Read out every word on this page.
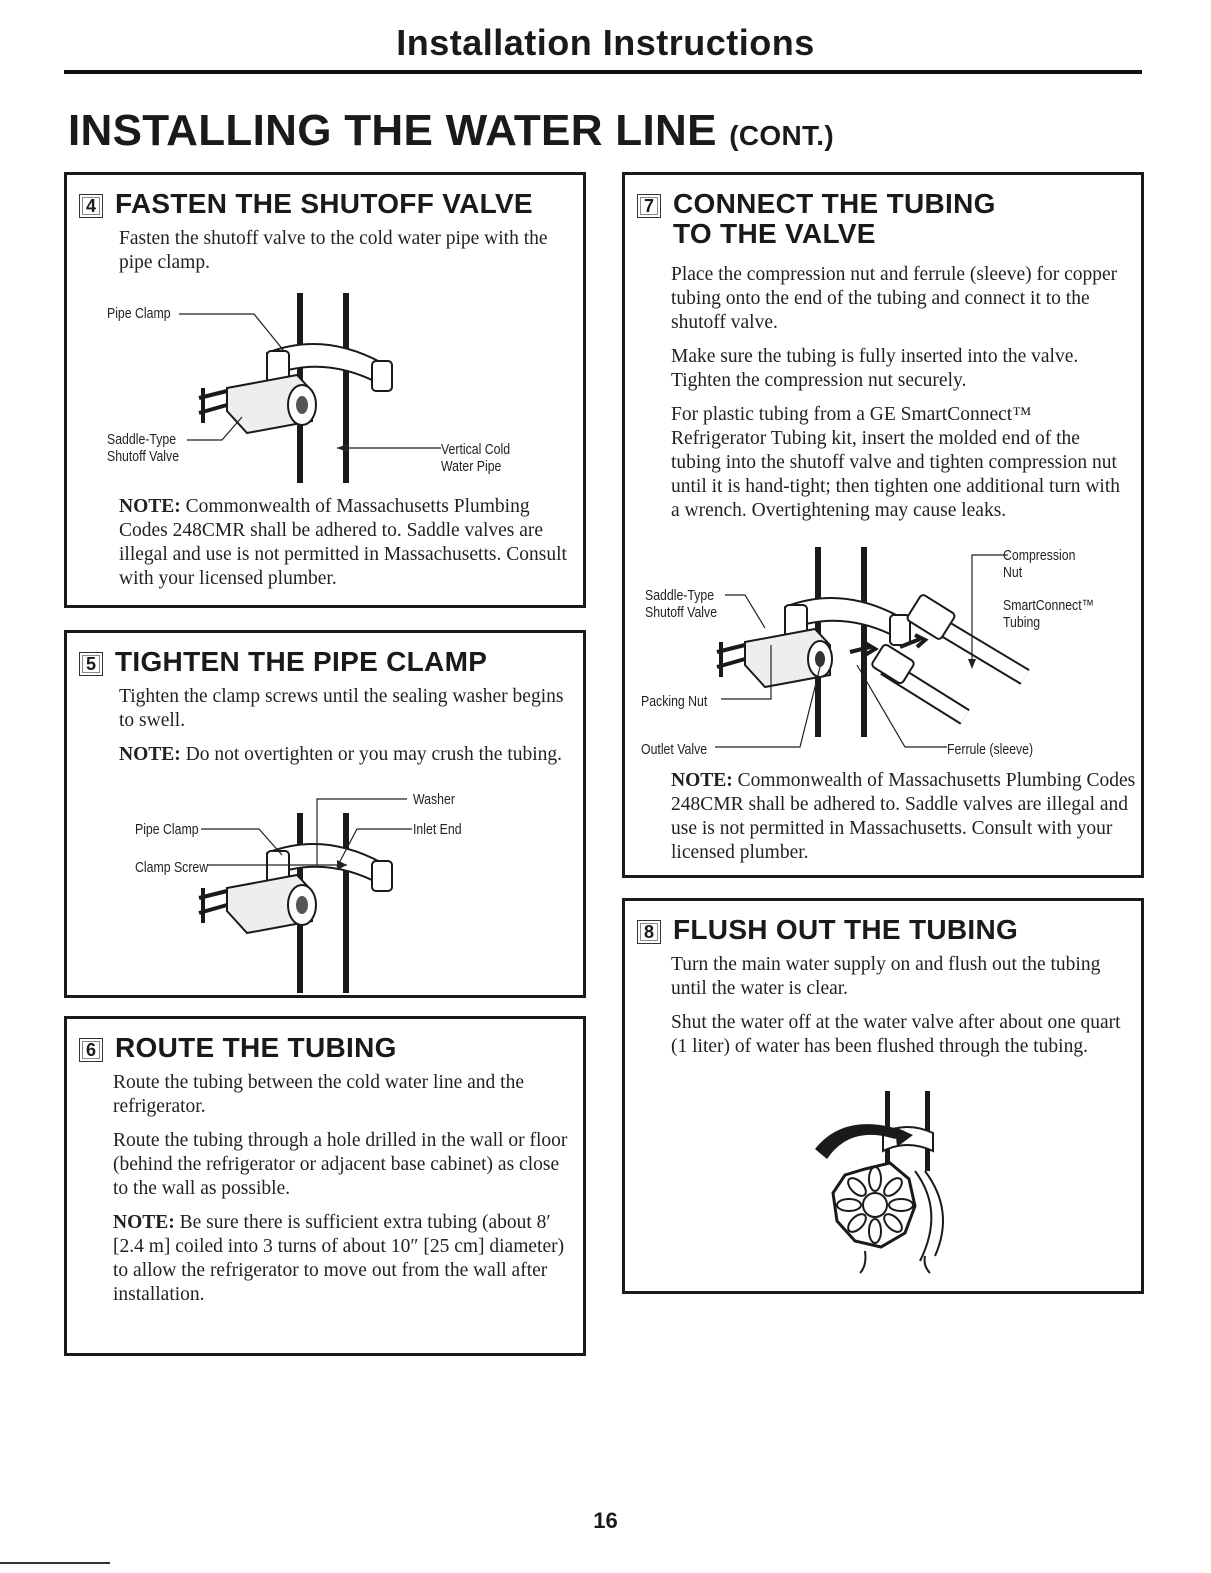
Installation Instructions
INSTALLING THE WATER LINE (CONT.)
4 FASTEN THE SHUTOFF VALVE

Fasten the shutoff valve to the cold water pipe with the pipe clamp.

Pipe Clamp
Saddle-Type
Shutoff Valve	Vertical Cold
Water Pipe

NOTE: Commonwealth of Massachusetts Plumbing Codes 248CMR shall be adhered to. Saddle valves are illegal and use is not permitted in Massachusetts. Consult with your licensed plumber.

5 TIGHTEN THE PIPE CLAMP

Tighten the clamp screws until the sealing washer begins to swell.

NOTE: Do not overtighten or you may crush the tubing.

Washer
Pipe Clamp	Inlet End
Clamp Screw
6 ROUTE THE TUBING

Route the tubing between the cold water line and the refrigerator.

Route the tubing through a hole drilled in the wall or floor (behind the refrigerator or adjacent base cabinet) as close to the wall as possible.

NOTE: Be sure there is sufficient extra tubing (about 8′ [2.4 m] coiled into 3 turns of about 10″ [25 cm] diameter) to allow the refrigerator to move out from the wall after installation.

7 CONNECT THE TUBING
TO THE VALVE

Place the compression nut and ferrule (sleeve) for copper tubing onto the end of the tubing and connect it to the shutoff valve.

Make sure the tubing is fully inserted into the valve. Tighten the compression nut securely.

For plastic tubing from a GE SmartConnect™ Refrigerator Tubing kit, insert the molded end of the tubing into the shutoff valve and tighten compression nut until it is hand-tight; then tighten one additional turn with a wrench. Overtightening may cause leaks.

Compression
Nut
Saddle-Type
Shutoff Valve	SmartConnect™
Tubing
Packing Nut
Outlet Valve	Ferrule (sleeve)

NOTE: Commonwealth of Massachusetts Plumbing Codes 248CMR shall be adhered to. Saddle valves are illegal and use is not permitted in Massachusetts. Consult with your licensed plumber.

8 FLUSH OUT THE TUBING

Turn the main water supply on and flush out the tubing until the water is clear.

Shut the water off at the water valve after about one quart (1 liter) of water has been flushed through the tubing.

16
